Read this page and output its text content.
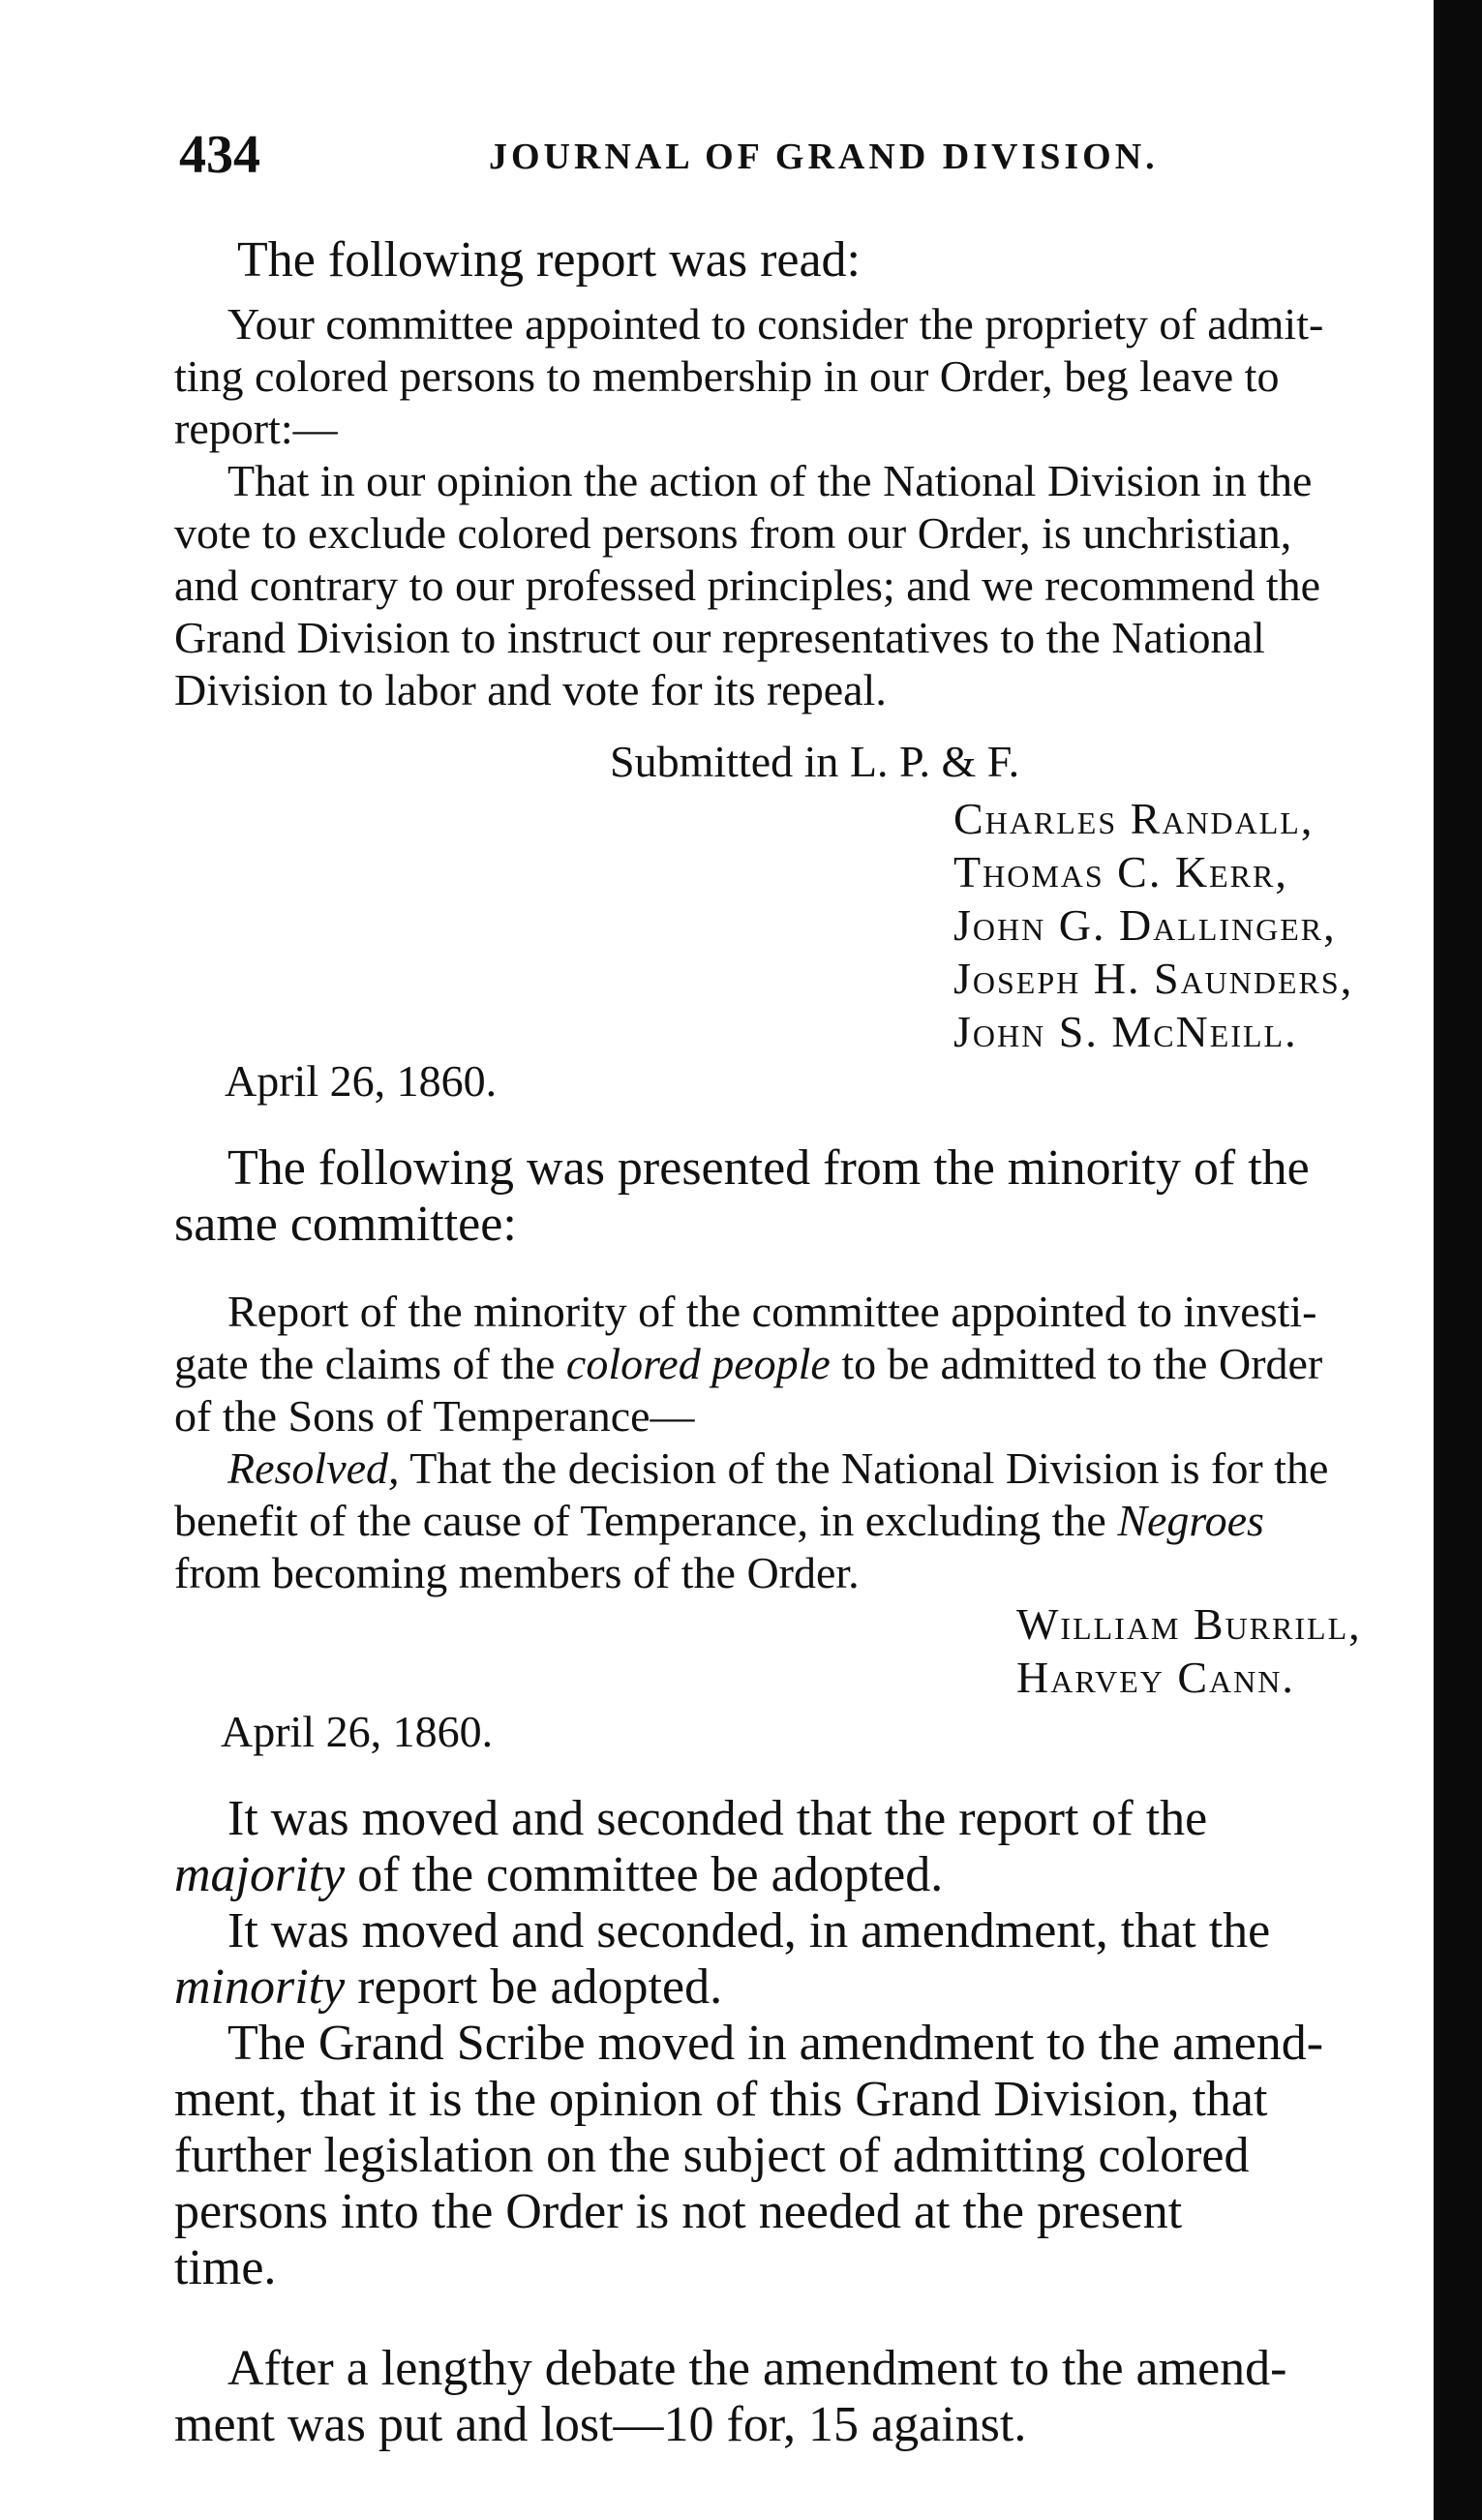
434	JOURNAL OF GRAND DIVISION.
The following report was read:
Your committee appointed to consider the propriety of admit-
ting colored persons to membership in our Order, beg leave to
report:—
That in our opinion the action of the National Division in the
vote to exclude colored persons from our Order, is unchristian,
and contrary to our professed principles; and we recommend the
Grand Division to instruct our representatives to the National
Division to labor and vote for its repeal.
Submitted in L. P. & F.
Charles Randall,
Thomas C. Kerr,
John G. Dallinger,
Joseph H. Saunders,
John S. McNeill.
April 26, 1860.
The following was presented from the minority of the
same committee:
Report of the minority of the committee appointed to investi-
gate the claims of the colored people to be admitted to the Order
of the Sons of Temperance—
Resolved, That the decision of the National Division is for the
benefit of the cause of Temperance, in excluding the Negroes
from becoming members of the Order.
William Burrill,
Harvey Cann.
April 26, 1860.
It was moved and seconded that the report of the
majority of the committee be adopted.
It was moved and seconded, in amendment, that the
minority report be adopted.
The Grand Scribe moved in amendment to the amend-
ment, that it is the opinion of this Grand Division, that
further legislation on the subject of admitting colored
persons into the Order is not needed at the present
time.
After a lengthy debate the amendment to the amend-
ment was put and lost—10 for, 15 against.
